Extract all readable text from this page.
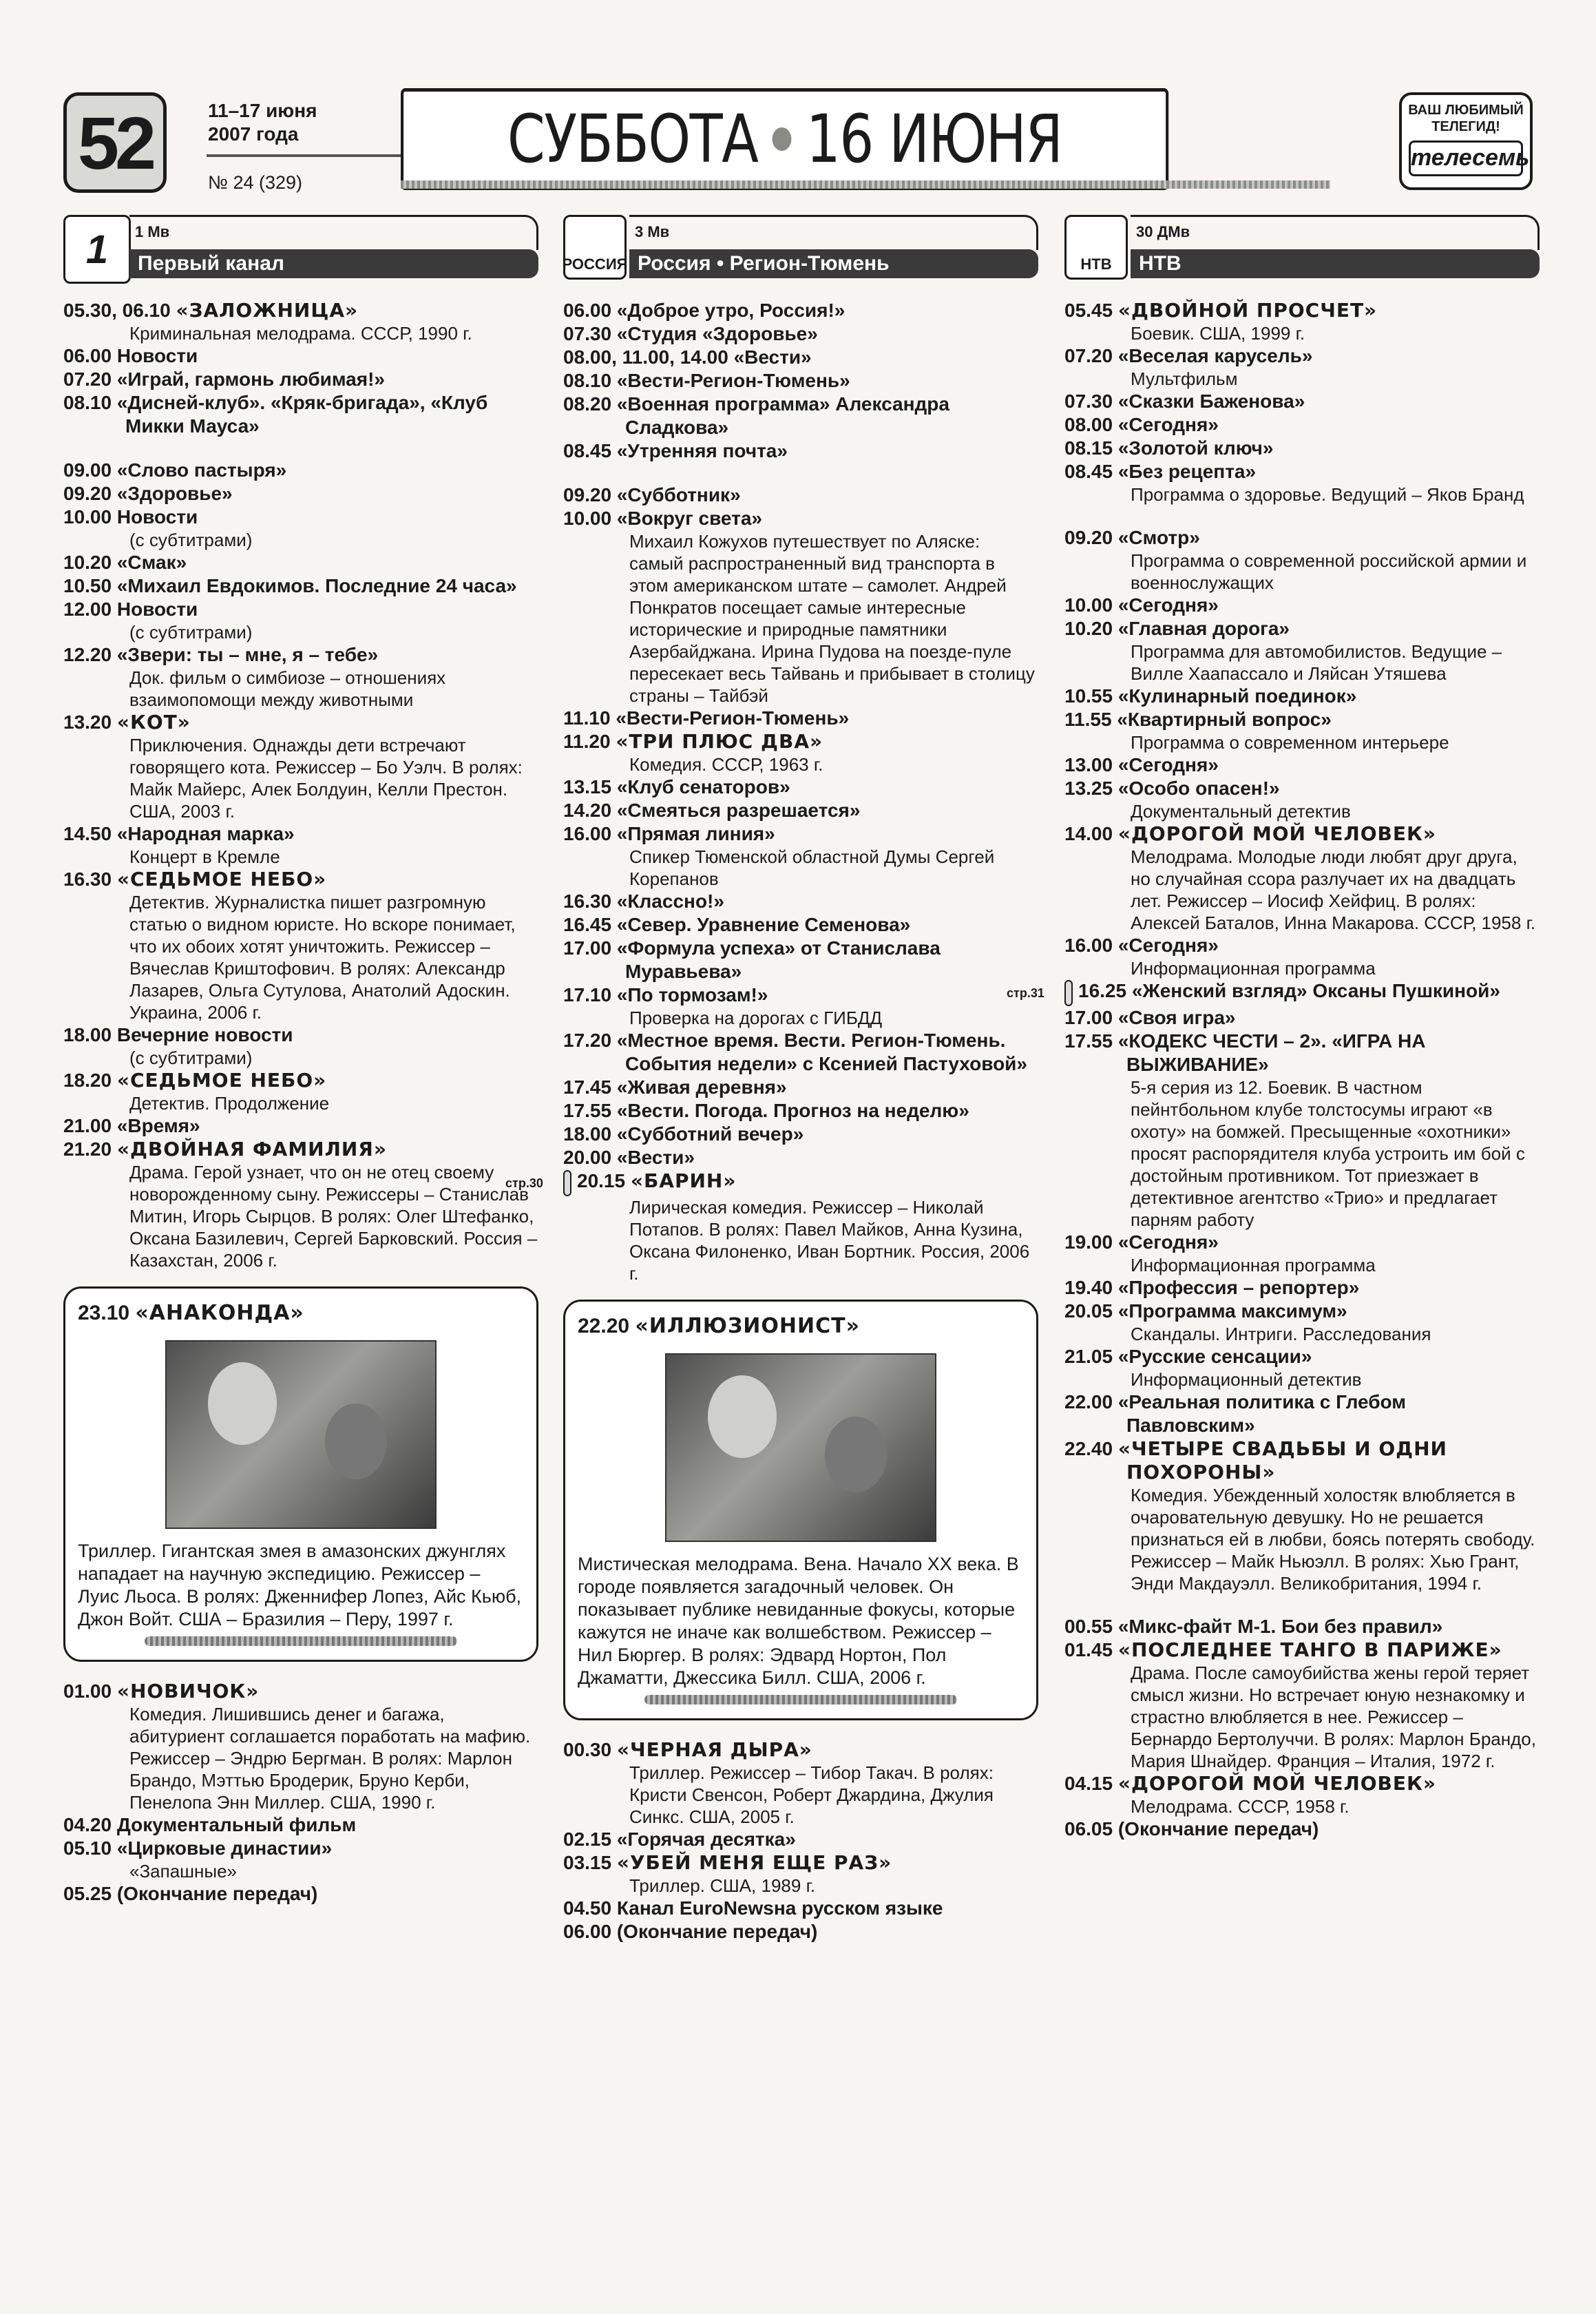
52	11–17 июня
2007 года
№ 24 (329)
СУББОТА 16 ИЮНЯ	ВАШ ЛЮБИМЫЙ
ТЕЛЕГИД!
телесемь
1	1 Мв
Первый канал
05.30, 06.10 «ЗАЛОЖНИЦА»
Криминальная мелодрама. СССР, 1990 г.
06.00 Новости
07.20 «Играй, гармонь любимая!»
08.10 «Дисней-клуб». «Кряк-бригада», «Клуб Микки Мауса»
09.00 «Слово пастыря»
09.20 «Здоровье»
10.00 Новости
(с субтитрами)
10.20 «Смак»
10.50 «Михаил Евдокимов. Последние 24 часа»
12.00 Новости
(с субтитрами)
12.20 «Звери: ты – мне, я – тебе»
Док. фильм о симбиозе – отношениях взаимопомощи между животными
13.20 «КОТ»
Приключения. Однажды дети встречают говорящего кота. Режиссер – Бо Уэлч. В ролях: Майк Майерс, Алек Болдуин, Келли Престон. США, 2003 г.
14.50 «Народная марка»
Концерт в Кремле
16.30 «СЕДЬМОЕ НЕБО»
Детектив. Журналистка пишет разгромную статью о видном юристе. Но вскоре понимает, что их обоих хотят уничтожить. Режиссер – Вячеслав Криштофович. В ролях: Александр Лазарев, Ольга Сутулова, Анатолий Адоскин. Украина, 2006 г.
18.00 Вечерние новости
(с субтитрами)
18.20 «СЕДЬМОЕ НЕБО»
Детектив. Продолжение
21.00 «Время»
21.20 «ДВОЙНАЯ ФАМИЛИЯ»
Драма. Герой узнает, что он не отец своему новорожденному сыну. Режиссеры – Станислав Митин, Игорь Сырцов. В ролях: Олег Штефанко, Оксана Базилевич, Сергей Барковский. Россия – Казахстан, 2006 г.
23.10 «АНАКОНДА»
Триллер. Гигантская змея в амазонских джунглях нападает на научную экспедицию. Режиссер – Луис Льоса. В ролях: Дженнифер Лопез, Айс Кьюб, Джон Войт. США – Бразилия – Перу, 1997 г.
01.00 «НОВИЧОК»
Комедия. Лишившись денег и багажа, абитуриент соглашается поработать на мафию. Режиссер – Эндрю Бергман. В ролях: Марлон Брандо, Мэттью Бродерик, Бруно Керби, Пенелопа Энн Миллер. США, 1990 г.
04.20 Документальный фильм
05.10 «Цирковые династии»
«Запашные»
05.25 (Окончание передач)
РОССИЯ
3 Мв
Россия • Регион-Тюмень
06.00 «Доброе утро, Россия!»
07.30 «Студия «Здоровье»
08.00, 11.00, 14.00 «Вести»
08.10 «Вести-Регион-Тюмень»
08.20 «Военная программа» Александра Сладкова»
08.45 «Утренняя почта»
09.20 «Субботник»
10.00 «Вокруг света»
Михаил Кожухов путешествует по Аляске: самый распространенный вид транспорта в этом американском штате – самолет. Андрей Понкратов посещает самые интересные исторические и природные памятники Азербайджана. Ирина Пудова на поезде-пуле пересекает весь Тайвань и прибывает в столицу страны – Тайбэй
11.10 «Вести-Регион-Тюмень»
11.20 «ТРИ ПЛЮС ДВА»
Комедия. СССР, 1963 г.
13.15 «Клуб сенаторов»
14.20 «Смеяться разрешается»
16.00 «Прямая линия»
Спикер Тюменской областной Думы Сергей Корепанов
16.30 «Классно!»
16.45 «Север. Уравнение Семенова»
17.00 «Формула успеха» от Станислава Муравьева»
17.10 «По тормозам!»
Проверка на дорогах с ГИБДД
17.20 «Местное время. Вести. Регион-Тюмень. События недели» с Ксенией Пастуховой»
17.45 «Живая деревня»
17.55 «Вести. Погода. Прогноз на неделю»
18.00 «Субботний вечер»
20.00 «Вести»
стр.30 20.15 «БАРИН»
Лирическая комедия. Режиссер – Николай Потапов. В ролях: Павел Майков, Анна Кузина, Оксана Филоненко, Иван Бортник. Россия, 2006 г.
22.20 «ИЛЛЮЗИОНИСТ»
Мистическая мелодрама. Вена. Начало XX века. В городе появляется загадочный человек. Он показывает публике невиданные фокусы, которые кажутся не иначе как волшебством. Режиссер – Нил Бюргер. В ролях: Эдвард Нортон, Пол Джаматти, Джессика Билл. США, 2006 г.
00.30 «ЧЕРНАЯ ДЫРА»
Триллер. Режиссер – Тибор Такач. В ролях: Кристи Свенсон, Роберт Джардина, Джулия Синкс. США, 2005 г.
02.15 «Горячая десятка»
03.15 «УБЕЙ МЕНЯ ЕЩЕ РАЗ»
Триллер. США, 1989 г.
04.50 Канал EuroNewsна русском языке
06.00 (Окончание передач)
НТВ
30 ДМв
НТВ
05.45 «ДВОЙНОЙ ПРОСЧЕТ»
Боевик. США, 1999 г.
07.20 «Веселая карусель»
Мультфильм
07.30 «Сказки Баженова»
08.00 «Сегодня»
08.15 «Золотой ключ»
08.45 «Без рецепта»
Программа о здоровье. Ведущий – Яков Бранд
09.20 «Смотр»
Программа о современной российской армии и военнослужащих
10.00 «Сегодня»
10.20 «Главная дорога»
Программа для автомобилистов. Ведущие – Вилле Хаапассало и Ляйсан Утяшева
10.55 «Кулинарный поединок»
11.55 «Квартирный вопрос»
Программа о современном интерьере
13.00 «Сегодня»
13.25 «Особо опасен!»
Документальный детектив
14.00 «ДОРОГОЙ МОЙ ЧЕЛОВЕК»
Мелодрама. Молодые люди любят друг друга, но случайная ссора разлучает их на двадцать лет. Режиссер – Иосиф Хейфиц. В ролях: Алексей Баталов, Инна Макарова. СССР, 1958 г.
16.00 «Сегодня»
Информационная программа
стр.31 16.25 «Женский взгляд» Оксаны Пушкиной»
17.00 «Своя игра»
17.55 «КОДЕКС ЧЕСТИ – 2». «ИГРА НА ВЫЖИВАНИЕ»
5-я серия из 12. Боевик. В частном пейнтбольном клубе толстосумы играют «в охоту» на бомжей. Пресыщенные «охотники» просят распорядителя клуба устроить им бой с достойным противником. Тот приезжает в детективное агентство «Трио» и предлагает парням работу
19.00 «Сегодня»
Информационная программа
19.40 «Профессия – репортер»
20.05 «Программа максимум»
Скандалы. Интриги. Расследования
21.05 «Русские сенсации»
Информационный детектив
22.00 «Реальная политика с Глебом Павловским»
22.40 «ЧЕТЫРЕ СВАДЬБЫ И ОДНИ ПОХОРОНЫ»
Комедия. Убежденный холостяк влюбляется в очаровательную девушку. Но не решается признаться ей в любви, боясь потерять свободу. Режиссер – Майк Ньюэлл. В ролях: Хью Грант, Энди Макдауэлл. Великобритания, 1994 г.
00.55 «Микс-файт М-1. Бои без правил»
01.45 «ПОСЛЕДНЕЕ ТАНГО В ПАРИЖЕ»
Драма. После самоубийства жены герой теряет смысл жизни. Но встречает юную незнакомку и страстно влюбляется в нее. Режиссер – Бернардо Бертолуччи. В ролях: Марлон Брандо, Мария Шнайдер. Франция – Италия, 1972 г.
04.15 «ДОРОГОЙ МОЙ ЧЕЛОВЕК»
Мелодрама. СССР, 1958 г.
06.05 (Окончание передач)
